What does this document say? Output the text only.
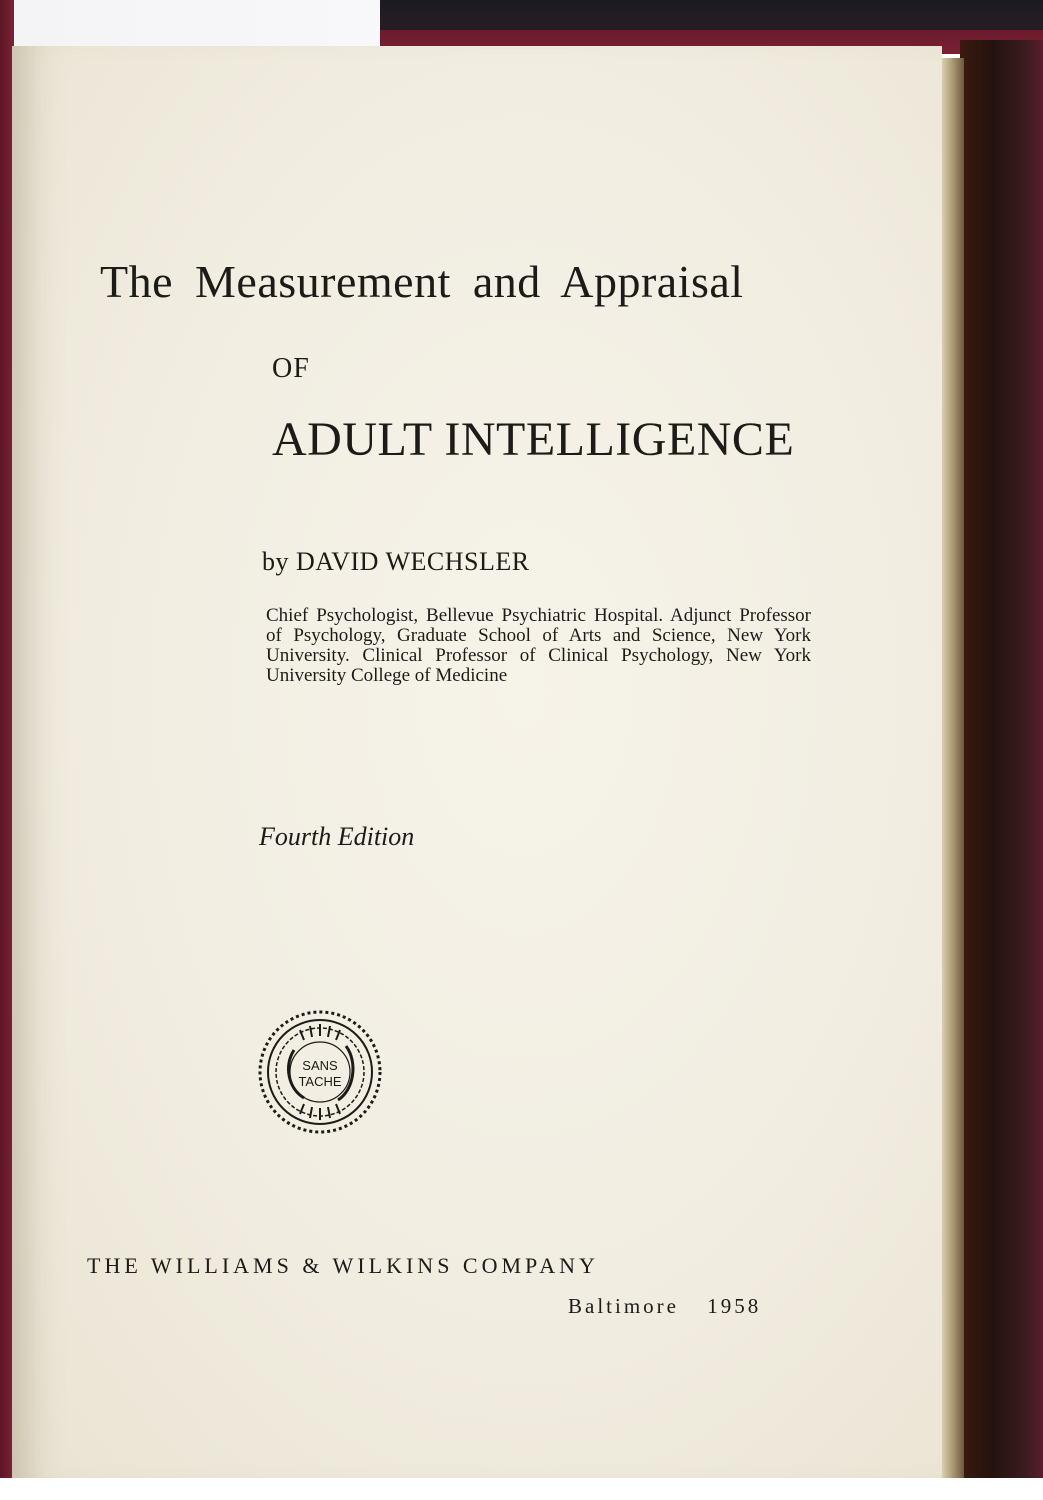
The Measurement and Appraisal
OF
ADULT INTELLIGENCE
by DAVID WECHSLER
Chief Psychologist, Bellevue Psychiatric Hospital. Adjunct Professor of Psychology, Graduate School of Arts and Science, New York University. Clinical Professor of Clinical Psychology, New York University College of Medicine
Fourth Edition
SANS
TACHE
THE WILLIAMS & WILKINS COMPANY
Baltimore 1958
